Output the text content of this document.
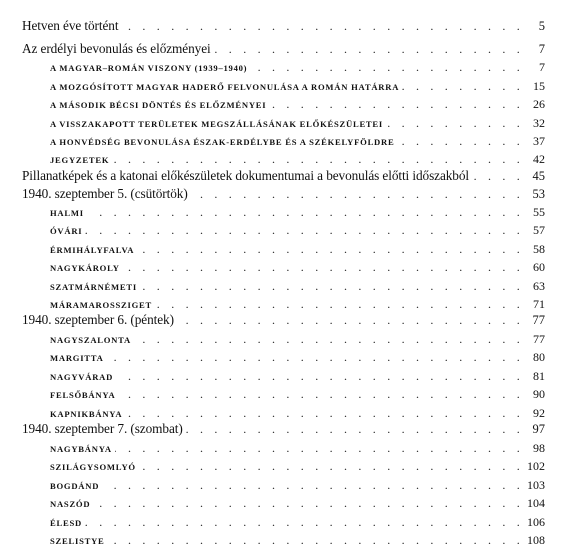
Hetven éve történt . . .	5
Az erdélyi bevonulás és előzményei . . .	7
A MAGYAR–ROMÁN VISZONY (1939–1940) . . .	7
A MOZGÓSÍTOTT MAGYAR HADERŐ FELVONULÁSA A ROMÁN HATÁRRA . . .	15
A MÁSODIK BÉCSI DÖNTÉS ÉS ELŐZMÉNYEI . . .	26
A VISSZAKAPOTT TERÜLETEK MEGSZÁLLÁSÁNAK ELŐKÉSZÜLETEI . . .	32
A HONVÉDSÉG BEVONULÁSA ÉSZAK-ERDÉLYBE ÉS A SZÉKELYFÖLDRE . . .	37
JEGYZETEK . . .	42
Pillanatképek és a katonai előkészületek dokumentumai a bevonulás előtti időszakból . . .	45
1940. szeptember 5. (csütörtök) . . .	53
HALMI . . .	55
ÓVÁRI . . .	57
ÉRMIHÁLYFALVA . . .	58
NAGYKÁROLY . . .	60
SZATMÁRNÉMETI . . .	63
MÁRAMAROSSZIGET . . .	71
1940. szeptember 6. (péntek) . . .	77
NAGYSZALONTA . . .	77
MARGITTA . . .	80
NAGYVÁRAD . . .	81
FELSŐBÁNYA . . .	90
KAPNIKBÁNYA . . .	92
1940. szeptember 7. (szombat) . . .	97
NAGYBÁNYA . . .	98
SZILÁGYSOMLYÓ . . .	102
BOGDÁND . . .	103
NASZÓD . . .	104
ÉLESD . . .	106
SZELISTYE . . .	108
